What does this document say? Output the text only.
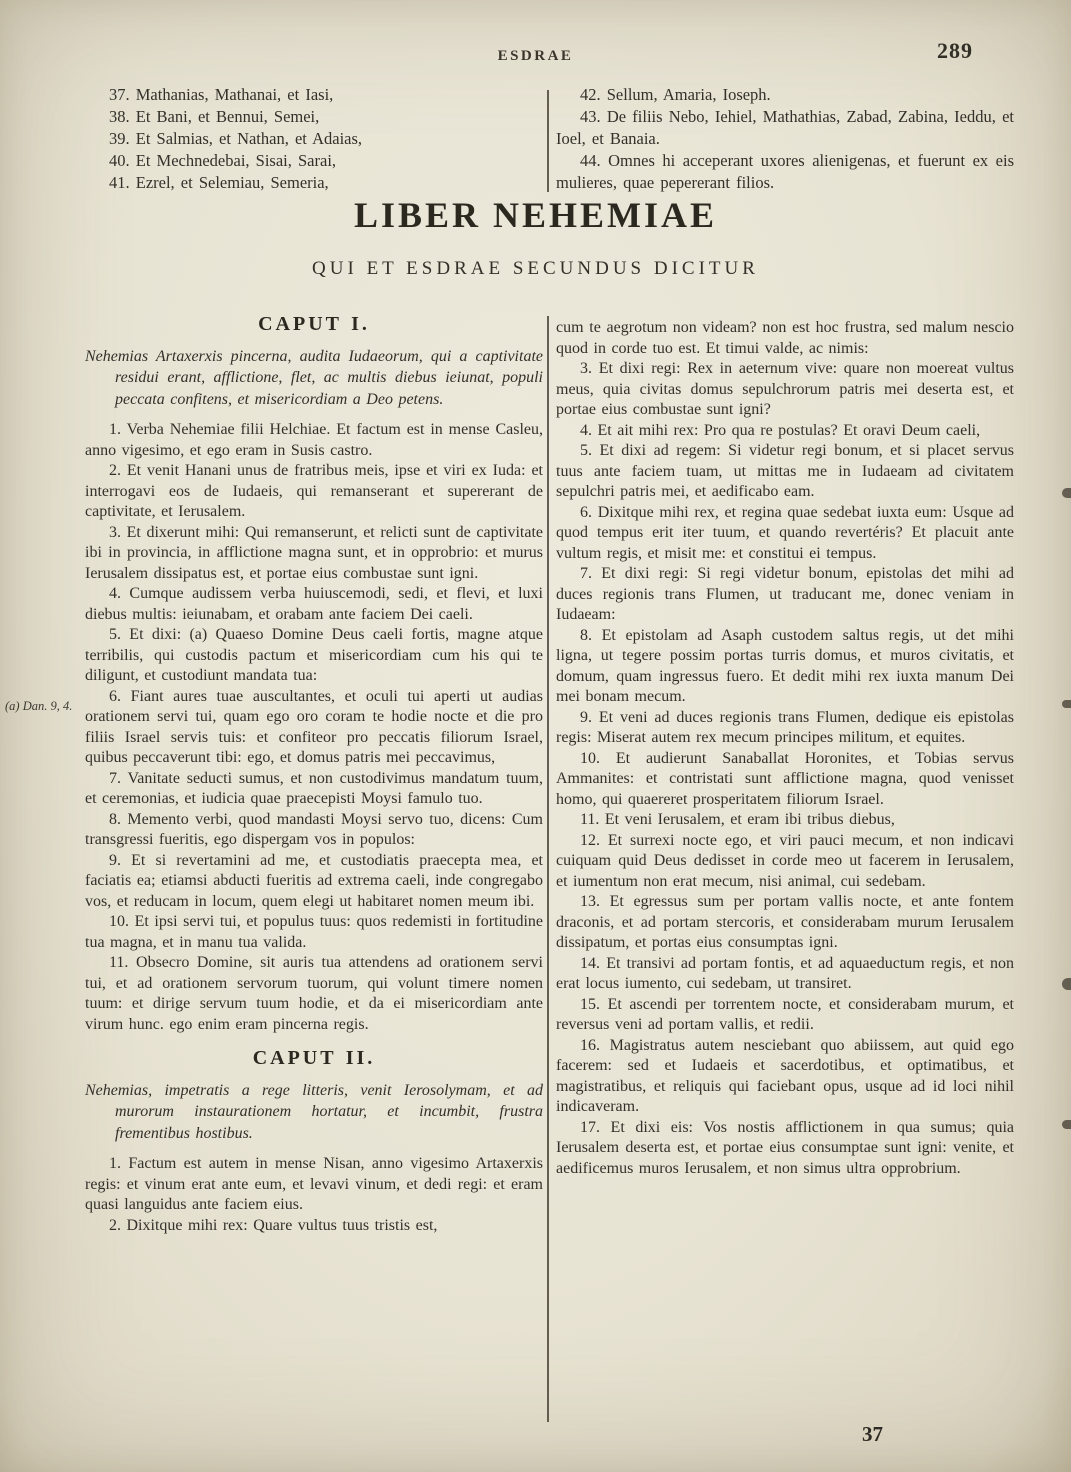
ESDRAE	289

37. Mathanias, Mathanai, et Iasi,

38. Et Bani, et Bennui, Semei,

39. Et Salmias, et Nathan, et Adaias,

40. Et Mechnedebai, Sisai, Sarai,

41. Ezrel, et Selemiau, Semeria,

42. Sellum, Amaria, Ioseph.

43. De filiis Nebo, Iehiel, Mathathias, Zabad, Zabina, Ieddu, et Ioel, et Banaia.

44. Omnes hi acceperant uxores alienigenas, et fuerunt ex eis mulieres, quae pepererant filios.

LIBER NEHEMIAE
QUI ET ESDRAE SECUNDUS DICITUR

CAPUT I.

Nehemias Artaxerxis pincerna, audita Iudaeorum, qui a captivitate residui erant, afflictione, flet, ac multis diebus ieiunat, populi peccata confitens, et misericordiam a Deo petens.

1. Verba Nehemiae filii Helchiae. Et factum est in mense Casleu, anno vigesimo, et ego eram in Susis castro.

2. Et venit Hanani unus de fratribus meis, ipse et viri ex Iuda: et interrogavi eos de Iudaeis, qui remanserant et supererant de captivitate, et Ierusalem.

3. Et dixerunt mihi: Qui remanserunt, et relicti sunt de captivitate ibi in provincia, in afflictione magna sunt, et in opprobrio: et murus Ierusalem dissipatus est, et portae eius combustae sunt igni.

4. Cumque audissem verba huiuscemodi, sedi, et flevi, et luxi diebus multis: ieiunabam, et orabam ante faciem Dei caeli.

5. Et dixi: (a) Quaeso Domine Deus caeli fortis, magne atque terribilis, qui custodis pactum et misericordiam cum his qui te diligunt, et custodiunt mandata tua:

6. Fiant aures tuae auscultantes, et oculi tui aperti ut audias orationem servi tui, quam ego oro coram te hodie nocte et die pro filiis Israel servis tuis: et confiteor pro peccatis filiorum Israel, quibus peccaverunt tibi: ego, et domus patris mei peccavimus,

7. Vanitate seducti sumus, et non custodivimus mandatum tuum, et ceremonias, et iudicia quae praecepisti Moysi famulo tuo.

8. Memento verbi, quod mandasti Moysi servo tuo, dicens: Cum transgressi fueritis, ego dispergam vos in populos:

9. Et si revertamini ad me, et custodiatis praecepta mea, et faciatis ea; etiamsi abducti fueritis ad extrema caeli, inde congregabo vos, et reducam in locum, quem elegi ut habitaret nomen meum ibi.

10. Et ipsi servi tui, et populus tuus: quos redemisti in fortitudine tua magna, et in manu tua valida.

11. Obsecro Domine, sit auris tua attendens ad orationem servi tui, et ad orationem servorum tuorum, qui volunt timere nomen tuum: et dirige servum tuum hodie, et da ei misericordiam ante virum hunc. ego enim eram pincerna regis.

CAPUT II.

Nehemias, impetratis a rege litteris, venit Ierosolymam, et ad murorum instaurationem hortatur, et incumbit, frustra frementibus hostibus.

1. Factum est autem in mense Nisan, anno vigesimo Artaxerxis regis: et vinum erat ante eum, et levavi vinum, et dedi regi: et eram quasi languidus ante faciem eius.

2. Dixitque mihi rex: Quare vultus tuus tristis est,

cum te aegrotum non videam? non est hoc frustra, sed malum nescio quod in corde tuo est. Et timui valde, ac nimis:

3. Et dixi regi: Rex in aeternum vive: quare non moereat vultus meus, quia civitas domus sepulchrorum patris mei deserta est, et portae eius combustae sunt igni?

4. Et ait mihi rex: Pro qua re postulas? Et oravi Deum caeli,

5. Et dixi ad regem: Si videtur regi bonum, et si placet servus tuus ante faciem tuam, ut mittas me in Iudaeam ad civitatem sepulchri patris mei, et aedificabo eam.

6. Dixitque mihi rex, et regina quae sedebat iuxta eum: Usque ad quod tempus erit iter tuum, et quando revertéris? Et placuit ante vultum regis, et misit me: et constitui ei tempus.

7. Et dixi regi: Si regi videtur bonum, epistolas det mihi ad duces regionis trans Flumen, ut traducant me, donec veniam in Iudaeam:

8. Et epistolam ad Asaph custodem saltus regis, ut det mihi ligna, ut tegere possim portas turris domus, et muros civitatis, et domum, quam ingressus fuero. Et dedit mihi rex iuxta manum Dei mei bonam mecum.

9. Et veni ad duces regionis trans Flumen, dedique eis epistolas regis: Miserat autem rex mecum principes militum, et equites.

10. Et audierunt Sanaballat Horonites, et Tobias servus Ammanites: et contristati sunt afflictione magna, quod venisset homo, qui quaereret prosperitatem filiorum Israel.

11. Et veni Ierusalem, et eram ibi tribus diebus,

12. Et surrexi nocte ego, et viri pauci mecum, et non indicavi cuiquam quid Deus dedisset in corde meo ut facerem in Ierusalem, et iumentum non erat mecum, nisi animal, cui sedebam.

13. Et egressus sum per portam vallis nocte, et ante fontem draconis, et ad portam stercoris, et considerabam murum Ierusalem dissipatum, et portas eius consumptas igni.

14. Et transivi ad portam fontis, et ad aquaeductum regis, et non erat locus iumento, cui sedebam, ut transiret.

15. Et ascendi per torrentem nocte, et considerabam murum, et reversus veni ad portam vallis, et redii.

16. Magistratus autem nesciebant quo abiissem, aut quid ego facerem: sed et Iudaeis et sacerdotibus, et optimatibus, et magistratibus, et reliquis qui faciebant opus, usque ad id loci nihil indicaveram.

17. Et dixi eis: Vos nostis afflictionem in qua sumus; quia Ierusalem deserta est, et portae eius consumptae sunt igni: venite, et aedificemus muros Ierusalem, et non simus ultra opprobrium.

(a) Dan. 9, 4.
37
